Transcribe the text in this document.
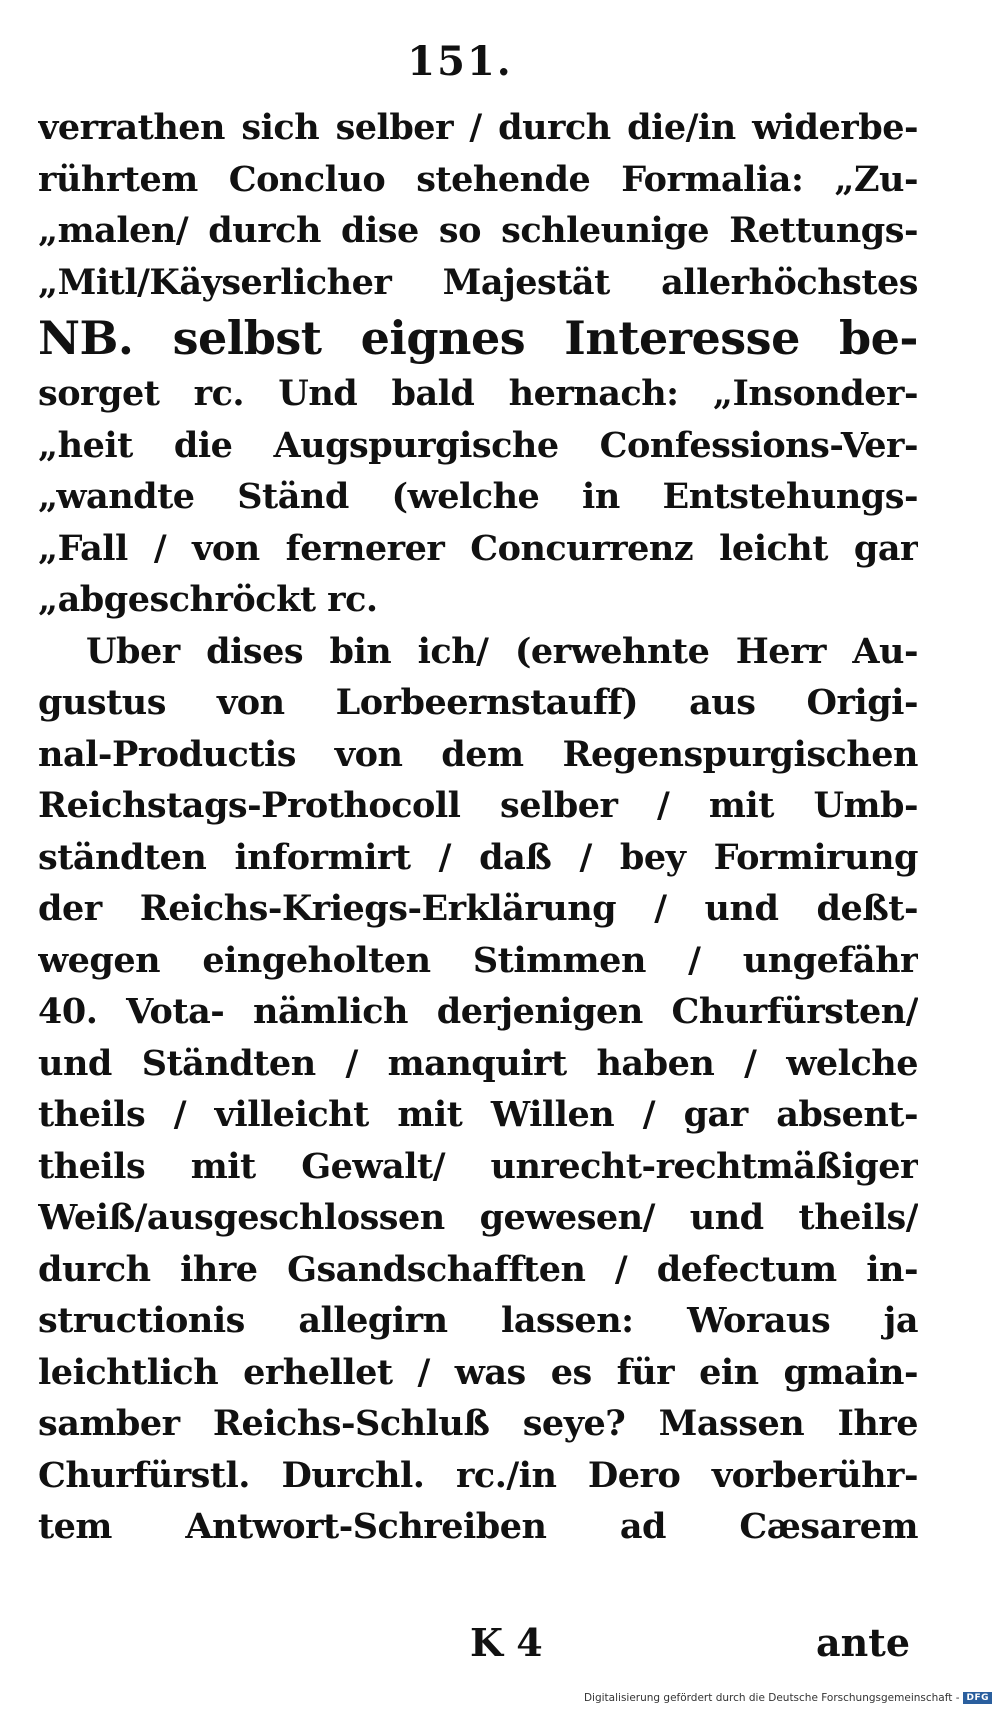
151.
verrathen sich selber / durch die/in widerbe-
rührtem Concluo stehende Formalia: „Zu-
„malen/ durch dise so schleunige Rettungs-
„Mitl/Käyserlicher Majestät allerhöchstes
NB. selbst eignes Interesse be-
sorget rc. Und bald hernach: „Insonder-
„heit die Augspurgische Confessions-Ver-
„wandte Ständ (welche in Entstehungs-
„Fall / von fernerer Concurrenz leicht gar
„abgeschröckt rc.
Uber dises bin ich/ (erwehnte Herr Au-
gustus von Lorbeernstauff) aus Origi-
nal-Productis von dem Regenspurgischen
Reichstags-Prothocoll selber / mit Umb-
ständten informirt / daß / bey Formirung
der Reichs-Kriegs-Erklärung / und deßt-
wegen eingeholten Stimmen / ungefähr
40. Vota- nämlich derjenigen Churfürsten/
und Ständten / manquirt haben / welche
theils / villeicht mit Willen / gar absent-
theils mit Gewalt/ unrecht-rechtmäßiger
Weiß/ausgeschlossen gewesen/ und theils/
durch ihre Gsandschafften / defectum in-
structionis allegirn lassen: Woraus ja
leichtlich erhellet / was es für ein gmain-
samber Reichs-Schluß seye? Massen Ihre
Churfürstl. Durchl. rc./in Dero vorberühr-
tem Antwort-Schreiben ad Cæsarem
K 4	ante
Digitalisierung gefördert durch die Deutsche Forschungsgemeinschaft - DFG
